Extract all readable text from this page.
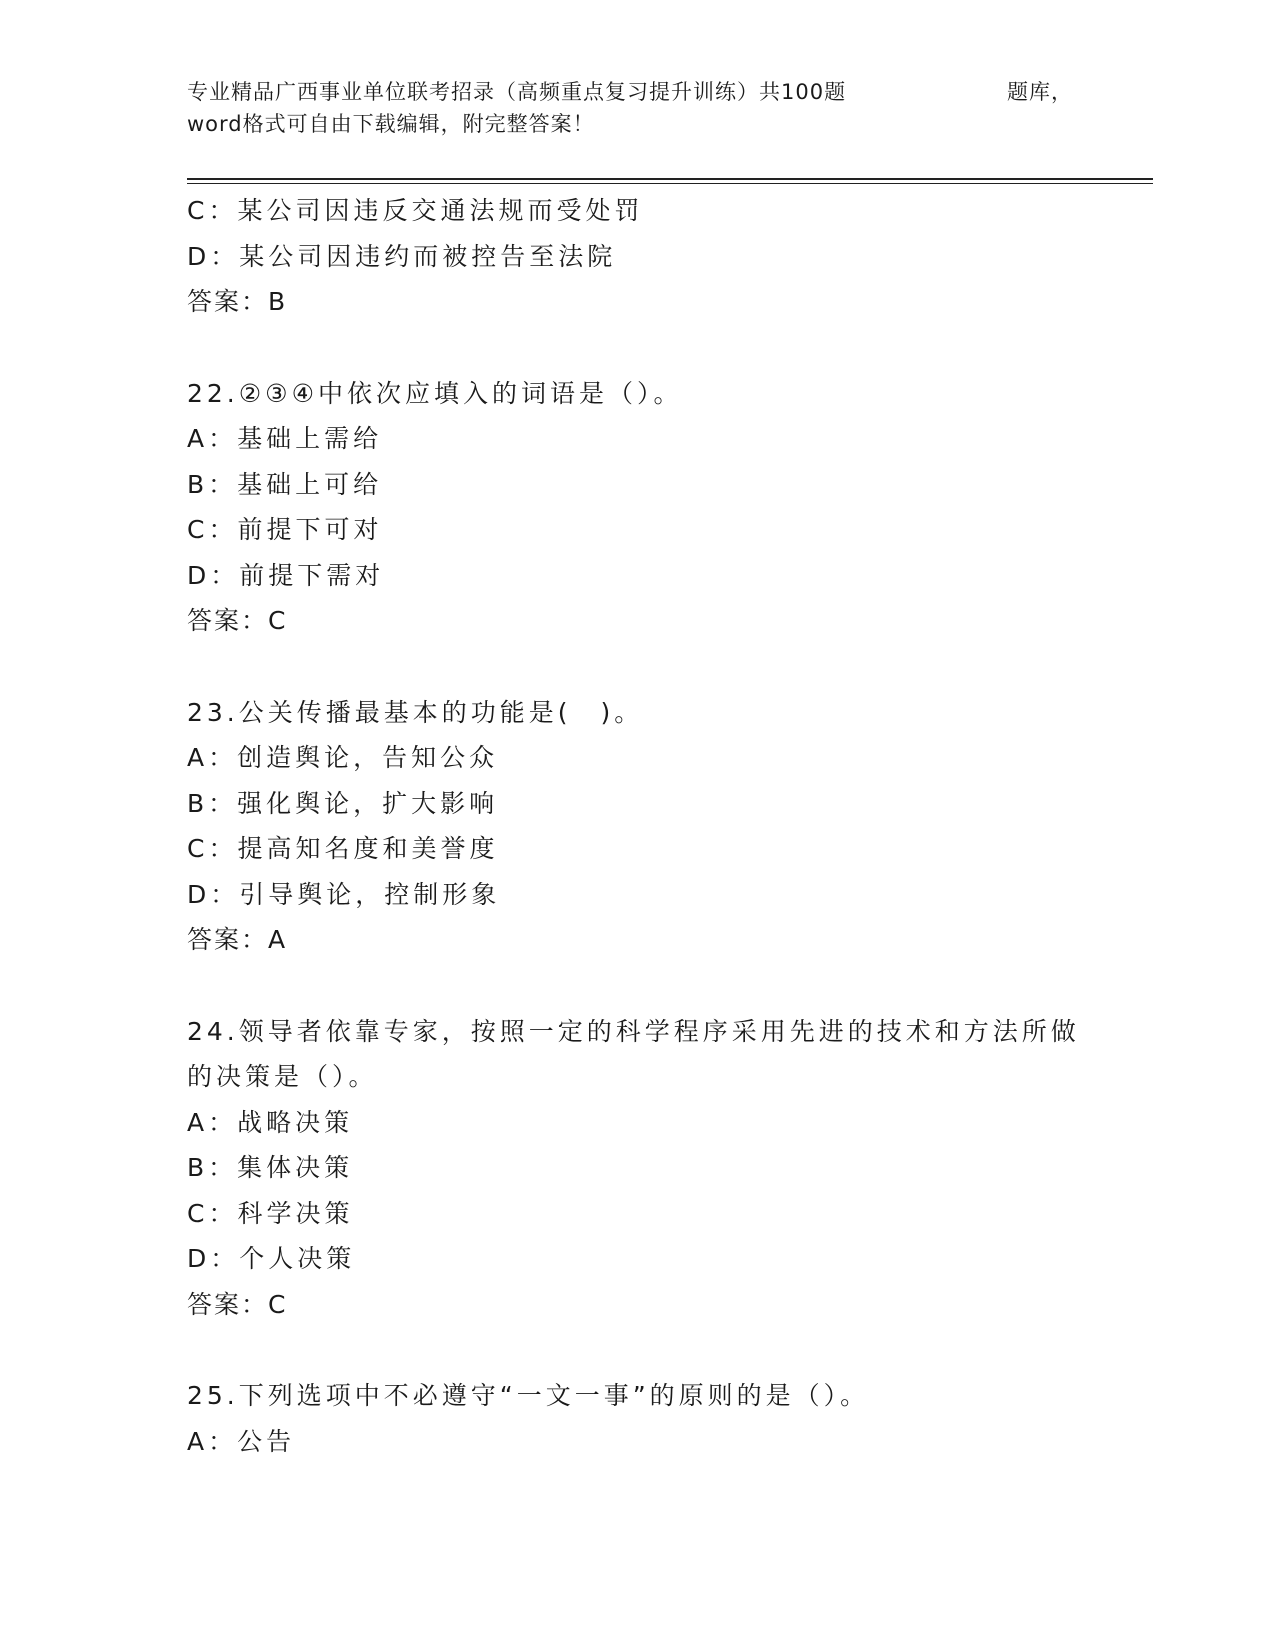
专业精品广西事业单位联考招录（高频重点复习提升训练）共100题	题库，
word格式可自由下载编辑，附完整答案！

C：某公司因违反交通法规而受处罚

D：某公司因违约而被控告至法院

答案：B

22.②③④中依次应填入的词语是（）。

A：基础上需给

B：基础上可给

C：前提下可对

D：前提下需对

答案：C

23.公关传播最基本的功能是(　)。

A：创造舆论，告知公众

B：强化舆论，扩大影响

C：提高知名度和美誉度

D：引导舆论，控制形象

答案：A

24.领导者依靠专家，按照一定的科学程序采用先进的技术和方法所做

的决策是（）。

A：战略决策

B：集体决策

C：科学决策

D：个人决策

答案：C

25.下列选项中不必遵守“一文一事”的原则的是（）。

A：公告
